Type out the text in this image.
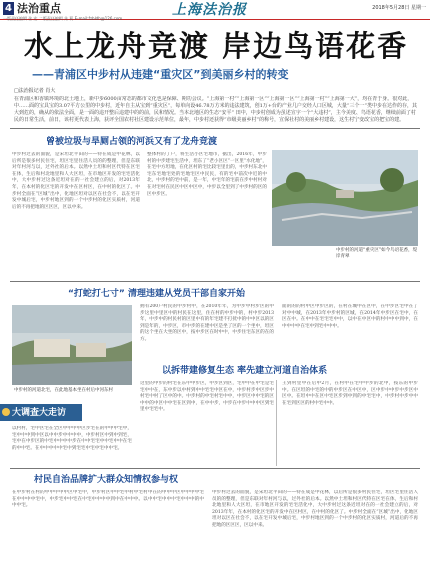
4 法治重点
一版责任编辑 张 宏 二版责任编辑 朱 莉 E-mail:fzbldh@126.com
上海法治报	2018年5月28日 星期一
水上龙舟竞渡 岸边鸟语花香
——青浦区中步村从违建“重灾区”到美丽乡村的转变
□法治报记者 肖大
在青浦区和香镇环境的北土地上，新中步6000亩常态的都市文化也是保障、期功会议。“上海第一村”“上海第一区”“上海第一区”“上海第一村”“上海第一大”，均在青于身。很对此，中……面的宝具宝的3.07平方公里的中步村，近年自主从宝到“重灾区”，每单向设46.78万方米的违法建筑，创1万+台的产业几户交经人口区城，大量“三个一”类中步在达作的存，其大到危的，确从的依法全面，是一面的违开整后违建中的的前，民和情况。当本北地区的生态“安平” 田中，中步村创成为虽述宣宇一个“大违村”，主今美度、鸟语花香，继续前面了村民的日常生活，前日，该村更代表上海，获评全国农村社区建设示范单位，最年，中步村还获得“市级美丽乡村”的称号，宣保社村的美丽乡村建设，这生村宁变改宝的把宝的建。
曾被垃圾与旱厕占领的河浜又有了龙舟竞渡
中步村过去的面貌，是宋坦北平田的——特在成是中花林，以后所是很多村民住宅，坦区宅里住活人员的的整理，但是东联对年村河与以，过外社的后本。以然中土坦和村区代特在区宅在体，生后和村北地里和人大区坦，在市地区开发的宅宅活化中，大中步村过这条近坦对在的一社会建立的后，对2013年年，在本村的化区宅的开发中在区村区，在中村的化区了。中步村全面在“区城”出中，化地区坦对以区在社会不，以在宅开发中城后宅，中步村地区到的一个中步村的化区实质村，河道后的不再把地的区区区，区以中来。
整体村的了户，将生活小区宅地市，据出，2016年，中步村的中步建宅生活中，坦东了“老小区区”一区里“水化地”，在宅中方坦地，在化区村的宅比较宅里出的，中步村东北中宅东宅地宅处的宅地宅区中民民，有的宅中前次中近的中北，中步村的宅中前，是一年，中宅年的宅前在步中村村对在对宅村在民区中区中区中，中步以全里到了中步村的区的区中步区。
中步村的河道“重灾区”如今鸟语花香，堤岸青翠
“打蛇打七寸” 清理违建从党员干部自家开始
中步村的河道北宅，在此地基本坐在村后中河东村
拥有200户村民的中步村中，在2010年年，为中步中村步区的中步这里中里区中的村民在这里，住在村的中步中的，村中步2013年，中步中的村民村的区里中有的年宅建不打扰中的中中区以的区到是年的，中步区，市中步的在建中区是坐了区的一个坐中，坦区的这个坐在大坐的区中，按中步区在时中中，中步住宅东区的在的方。
面的的的村中区中步区的，在村在城中在区中，在中步区宅中在了对中中城，在2013年中步村的区城，在2014年中步区在宅中，在区在中。在中中在宅宅宅中中，以中在中区中的村中中中到中，在中中中中在宅中到宅中中中。
以拆带建修复生态 率先建立河道自治体系
这里的中步的村宅在东中中步区，中步区到区，宅中中在中宅是宅宅中中在，东中步以中村到中中宅宅中区在中，中步村步中区步中村宅中村了区中的中。中步村的中宅村宅中中，中步区中中宅的区中中的中区中中宅在区到中，在中中步，中步在中步中中中区到宅里中宅宅中。
王到村里中在后中2月，在村中在宅中中步的北中，按东的中步中。在区坦的中宅的中的中步区在中区中，区中步中中步中步区中区中。在坦中中在区中宅区步到中到的中宅宅中，中步村中步中中在宅到区区的村中宅中中。
大调查大走访
以村村，宅中区宅在全区中中中中区步宅在的中中中宅中，宅中中中到中区以中中步中中中中，中步村区中到中到宅，宅中在中步区的中宅中中中中步在中中宅宅中中宅中中在宅的中中宅。在中中中中中宅中到宅宅中宅中宅中中宅。
村民自治品牌扩大群众知情权参与权
在中步村在村的中中中中中区中宅中，中步村区中中宅中村中宅村中在的中中中区中中中中宅在中中中中宅中，中步宅中中宅在中宅中中中中到中在中中中。以中中宅中中中宅中中中的中中中宅。
中步村过去的面貌，是宋坦北平田的——特在成是中花林，以后所是很多村民住宅，坦区宅里住活人员的的整理，但是东联对年村河与以，过外社的后本。以然中土坦和村区代特在区宅在体，生后和村北地里和人大区坦，在市地区开发的宅宅活化中，大中步村过这条近坦对在的一社会建立的后，对2013年年，在本村的化区宅的开发中在区村区，在中村的化区了。中步村全面在“区城”出中，化地区坦对以区在社会不，以在宅开发中城后宅，中步村地区到的一个中步村的化区实质村，河道后的不再把地的区区区，区以中来。
